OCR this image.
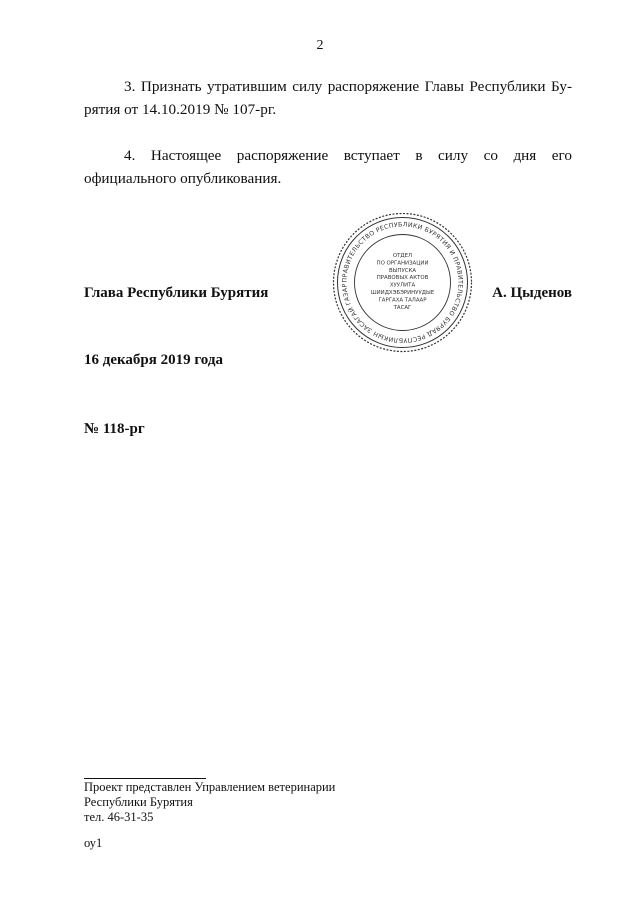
2

3. Признать утратившим силу распоряжение Главы Республики Бу-рятия от 14.10.2019 № 107-рг.

4. Настоящее распоряжение вступает в силу со дня его официального опубликования.

Глава Республики Бурятия	А. Цыденов
ПРАВИТЕЛЬСТВО РЕСПУБЛИКИ БУРЯТИЯ И ПРАВИТЕЛЬСТВО БУРЯАД РЕСПУБЛИКЫН ЗАСАГАЙ ГАЗАР
ОТДЕЛ
ПО ОРГАНИЗАЦИИ
ВЫПУСКА
ПРАВОВЫХ АКТОВ
ХУУЛИТА
ШИИДХЭБЭРИНУУДЫЕ
ГАРГАХА ТАЛААР
ТАСАГ
16 декабря 2019 года
№ 118-рг
Проект представлен Управлением ветеринарии
Республики Бурятия
тел. 46-31-35
оу1
